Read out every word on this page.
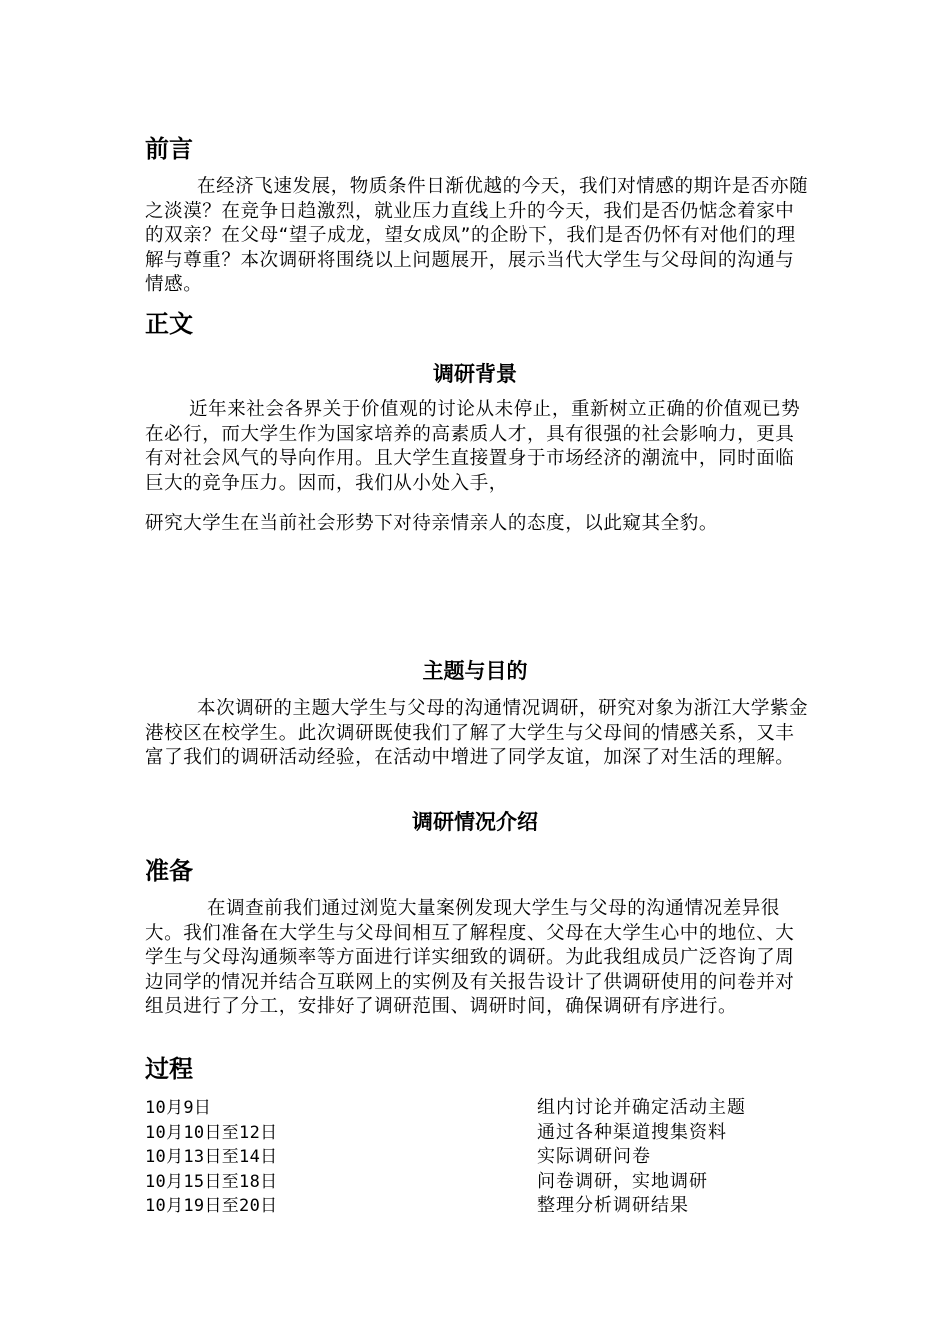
前言

在经济飞速发展，物质条件日渐优越的今天，我们对情感的期许是否亦随之淡漠？在竞争日趋激烈，就业压力直线上升的今天，我们是否仍惦念着家中的双亲？在父母“望子成龙，望女成凤”的企盼下，我们是否仍怀有对他们的理解与尊重？本次调研将围绕以上问题展开，展示当代大学生与父母间的沟通与情感。

正文
调研背景

近年来社会各界关于价值观的讨论从未停止，重新树立正确的价值观已势在必行，而大学生作为国家培养的高素质人才，具有很强的社会影响力，更具有对社会风气的导向作用。且大学生直接置身于市场经济的潮流中，同时面临巨大的竞争压力。因而，我们从小处入手，

研究大学生在当前社会形势下对待亲情亲人的态度，以此窥其全豹。

主题与目的

本次调研的主题大学生与父母的沟通情况调研，研究对象为浙江大学紫金港校区在校学生。此次调研既使我们了解了大学生与父母间的情感关系，又丰富了我们的调研活动经验，在活动中增进了同学友谊，加深了对生活的理解。

调研情况介绍
准备

在调查前我们通过浏览大量案例发现大学生与父母的沟通情况差异很大。我们准备在大学生与父母间相互了解程度、父母在大学生心中的地位、大学生与父母沟通频率等方面进行详实细致的调研。为此我组成员广泛咨询了周边同学的情况并结合互联网上的实例及有关报告设计了供调研使用的问卷并对组员进行了分工，安排好了调研范围、调研时间，确保调研有序进行。

过程
10月9日	组内讨论并确定活动主题
10月10日至12日	通过各种渠道搜集资料
10月13日至14日	实际调研问卷
10月15日至18日	问卷调研，实地调研
10月19日至20日	整理分析调研结果
